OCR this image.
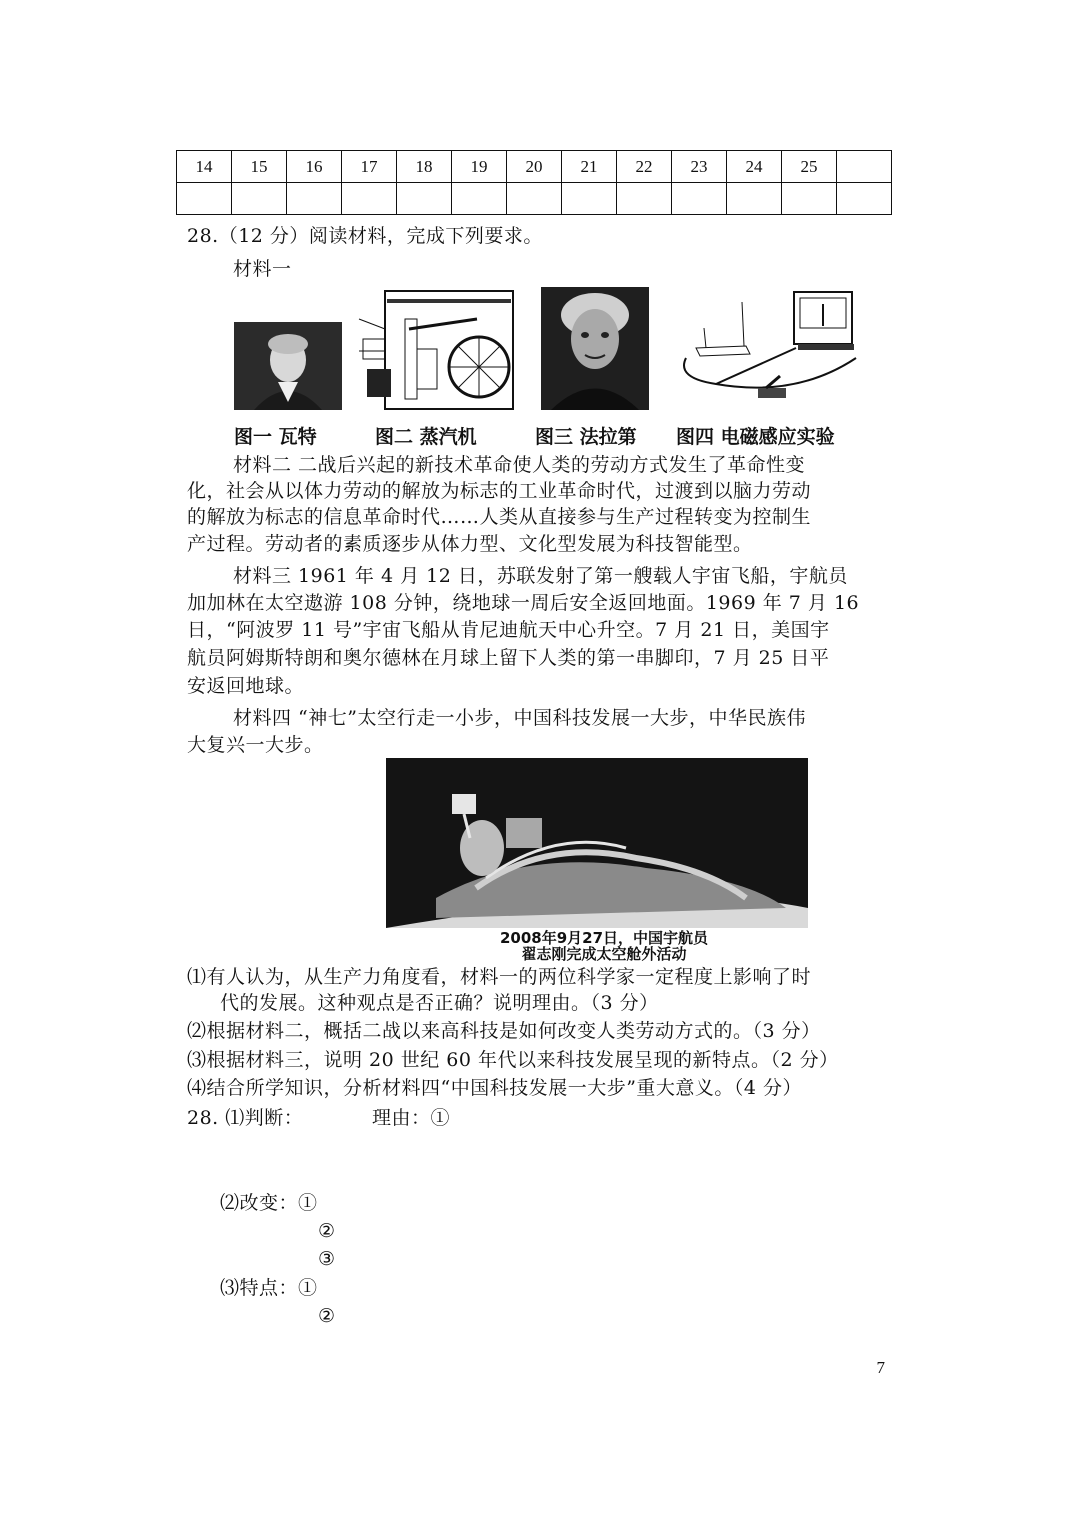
14	15	16	17	18	19	20	21	22	23	24	25	

28.（12 分）阅读材料，完成下列要求。
材料一
图一 瓦特	图二 蒸汽机	图三 法拉第 图四 电磁感应实验
材料二 二战后兴起的新技术革命使人类的劳动方式发生了革命性变
化，社会从以体力劳动的解放为标志的工业革命时代，过渡到以脑力劳动
的解放为标志的信息革命时代……人类从直接参与生产过程转变为控制生
产过程。劳动者的素质逐步从体力型、文化型发展为科技智能型。
材料三 1961 年 4 月 12 日，苏联发射了第一艘载人宇宙飞船，宇航员
加加林在太空遨游 108 分钟，绕地球一周后安全返回地面。1969 年 7 月 16
日，“阿波罗 11 号”宇宙飞船从肯尼迪航天中心升空。7 月 21 日，美国宇
航员阿姆斯特朗和奥尔德林在月球上留下人类的第一串脚印，7 月 25 日平
安返回地球。
材料四 “神七”太空行走一小步，中国科技发展一大步，中华民族伟
大复兴一大步。
2008年9月27日，中国宇航员
翟志刚完成太空舱外活动
⑴有人认为，从生产力角度看，材料一的两位科学家一定程度上影响了时
代的发展。这种观点是否正确？说明理由。（3 分）
⑵根据材料二，概括二战以来高科技是如何改变人类劳动方式的。（3 分）
⑶根据材料三，说明 20 世纪 60 年代以来科技发展呈现的新特点。（2 分）
⑷结合所学知识，分析材料四“中国科技发展一大步”重大意义。（4 分）
28. ⑴判断：	理由：①
⑵改变：①
②
③
⑶特点：①
②
7
